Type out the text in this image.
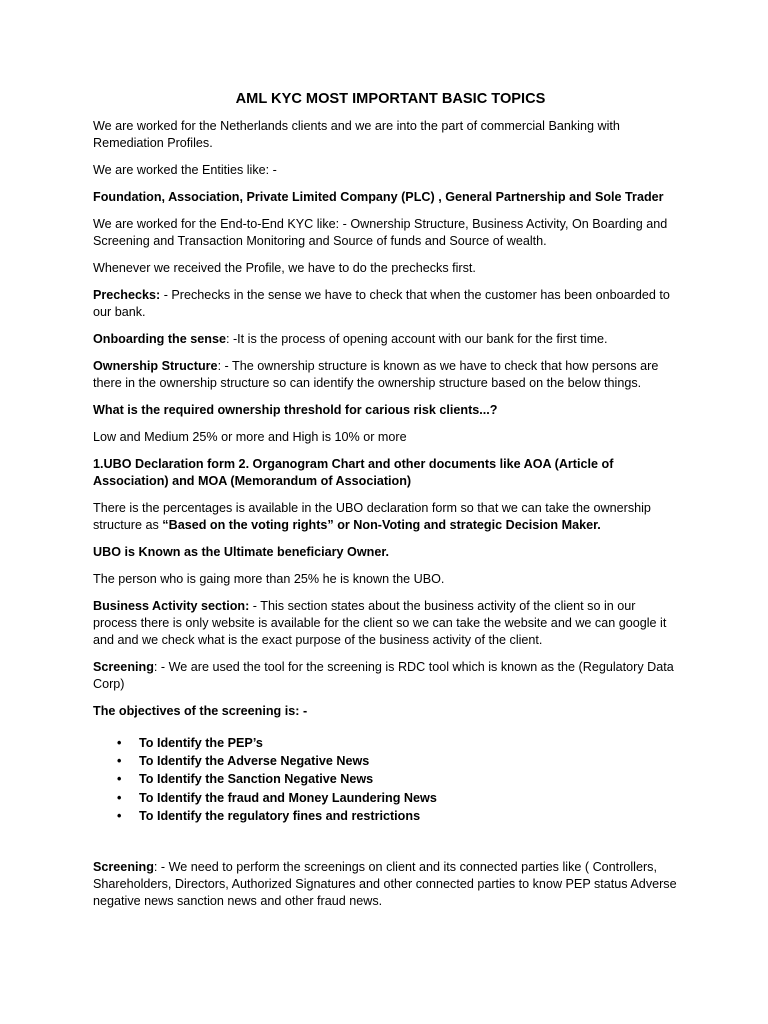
AML KYC MOST IMPORTANT BASIC TOPICS

We are worked for the Netherlands clients and we are into the part of commercial Banking with Remediation Profiles.

We are worked the Entities like: -

Foundation, Association, Private Limited Company (PLC) , General Partnership and Sole Trader

We are worked for the End-to-End KYC like: - Ownership Structure, Business Activity, On Boarding and Screening and Transaction Monitoring and Source of funds and Source of wealth.

Whenever we received the Profile, we have to do the prechecks first.

Prechecks: - Prechecks in the sense we have to check that when the customer has been onboarded to our bank.

Onboarding the sense: -It is the process of opening account with our bank for the first time.

Ownership Structure: - The ownership structure is known as we have to check that how persons are there in the ownership structure so can identify the ownership structure based on the below things.

What is the required ownership threshold for carious risk clients...?

Low and Medium 25% or more and High is 10% or more

1.UBO Declaration form 2. Organogram Chart and other documents like AOA (Article of Association) and MOA (Memorandum of Association)

There is the percentages is available in the UBO declaration form so that we can take the ownership structure as “Based on the voting rights” or Non-Voting and strategic Decision Maker.

UBO is Known as the Ultimate beneficiary Owner.

The person who is gaing more than 25% he is known the UBO.

Business Activity section: - This section states about the business activity of the client so in our process there is only website is available for the client so we can take the website and we can google it and and we check what is the exact purpose of the business activity of the client.

Screening: - We are used the tool for the screening is RDC tool which is known as the (Regulatory Data Corp)

The objectives of the screening is: -

• To Identify the PEP’s
• To Identify the Adverse Negative News
• To Identify the Sanction Negative News
• To Identify the fraud and Money Laundering News
• To Identify the regulatory fines and restrictions

Screening: - We need to perform the screenings on client and its connected parties like ( Controllers, Shareholders, Directors, Authorized Signatures and other connected parties to know PEP status Adverse negative news sanction news and other fraud news.
